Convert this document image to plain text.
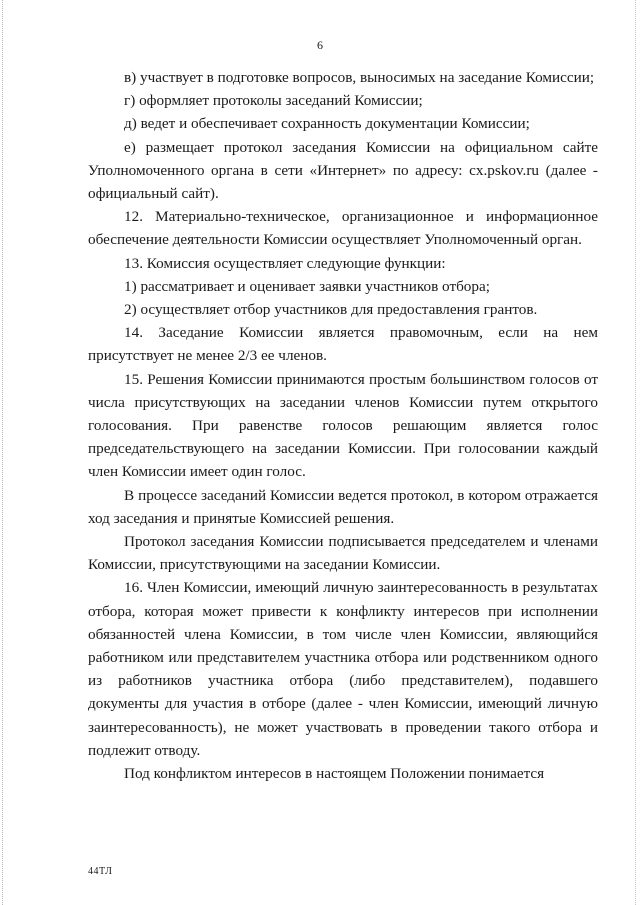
6

в) участвует в подготовке вопросов, выносимых на заседание Комиссии;

г) оформляет протоколы заседаний Комиссии;

д) ведет и обеспечивает сохранность документации Комиссии;

е) размещает протокол заседания Комиссии на официальном сайте Уполномоченного органа в сети «Интернет» по адресу: cx.pskov.ru (далее - официальный сайт).

12. Материально-техническое, организационное и информационное обеспечение деятельности Комиссии осуществляет Уполномоченный орган.

13. Комиссия осуществляет следующие функции:

1) рассматривает и оценивает заявки участников отбора;

2) осуществляет отбор участников для предоставления грантов.

14. Заседание Комиссии является правомочным, если на нем присутствует не менее 2/3 ее членов.

15. Решения Комиссии принимаются простым большинством голосов от числа присутствующих на заседании членов Комиссии путем открытого голосования. При равенстве голосов решающим является голос председательствующего на заседании Комиссии. При голосовании каждый член Комиссии имеет один голос.

В процессе заседаний Комиссии ведется протокол, в котором отражается ход заседания и принятые Комиссией решения.

Протокол заседания Комиссии подписывается председателем и членами Комиссии, присутствующими на заседании Комиссии.

16. Член Комиссии, имеющий личную заинтересованность в результатах отбора, которая может привести к конфликту интересов при исполнении обязанностей члена Комиссии, в том числе член Комиссии, являющийся работником или представителем участника отбора или родственником одного из работников участника отбора (либо представителем), подавшего документы для участия в отборе (далее - член Комиссии, имеющий личную заинтересованность), не может участвовать в проведении такого отбора и подлежит отводу.

Под конфликтом интересов в настоящем Положении понимается

44ТЛ
